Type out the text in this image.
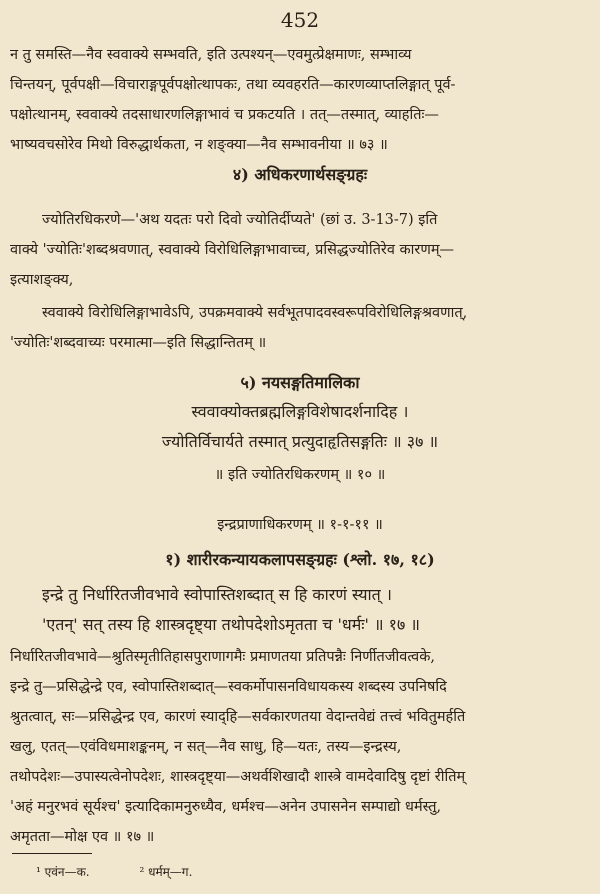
452
न तु समस्ति—नैव स्ववाक्ये सम्भवति, इति उत्पश्यन्—एवमुत्प्रेक्षमाणः, सम्भाव्य
चिन्तयन्, पूर्वपक्षी—विचाराङ्गपूर्वपक्षोत्थापकः, तथा व्यवहरति—कारणव्याप्तलिङ्गात् पूर्व-
पक्षोत्थानम्, स्ववाक्ये तदसाधारणलिङ्गाभावं च प्रकटयति । तत्—तस्मात्, व्याहतिः—
भाष्यवचसोरेव मिथो विरुद्धार्थकता, न शङ्क्या—नैव सम्भावनीया ॥ ७३ ॥
४) अधिकरणार्थसङ्ग्रहः
ज्योतिरधिकरणे—'अथ यदतः परो दिवो ज्योतिर्दीप्यते' (छां उ. 3-13-7) इति
वाक्ये 'ज्योतिः'शब्दश्रवणात्, स्ववाक्ये विरोधिलिङ्गाभावाच्च, प्रसिद्धज्योतिरेव कारणम्—
इत्याशङ्क्य,
स्ववाक्ये विरोधिलिङ्गाभावेऽपि, उपक्रमवाक्ये सर्वभूतपादवस्वरूपविरोधिलिङ्गश्रवणात्,
'ज्योतिः'शब्दवाच्यः परमात्मा—इति सिद्धान्तितम् ॥
५) नयसङ्गतिमालिका
स्ववाक्योक्तब्रह्मलिङ्गविशेषादर्शनादिह ।
ज्योतिर्विचार्यते तस्मात् प्रत्युदाहृतिसङ्गतिः ॥ ३७ ॥
॥ इति ज्योतिरधिकरणम् ॥ १० ॥
इन्द्रप्राणाधिकरणम् ॥ १-१-११ ॥
१) शारीरकन्यायकलापसङ्ग्रहः (श्लो. १७, १८)
इन्द्रे तु निर्धारितजीवभावे स्वोपास्तिशब्दात् स हि कारणं स्यात् ।
'एतन्' सत् तस्य हि शास्त्रदृष्ट्या तथोपदेशोऽमृतता च 'धर्मः' ॥ १७ ॥
निर्धारितजीवभावे—श्रुतिस्मृतीतिहासपुराणागमैः प्रमाणतया प्रतिपन्नैः निर्णीतजीवत्वके,
इन्द्रे तु—प्रसिद्धेन्द्रे एव, स्वोपास्तिशब्दात्—स्वकर्मोपासनविधायकस्य शब्दस्य उपनिषदि
श्रुतत्वात्, सः—प्रसिद्धेन्द्र एव, कारणं स्याद्हि—सर्वकारणतया वेदान्तवेद्यं तत्त्वं भवितुमर्हति
खलु, एतत्—एवंविधमाशङ्कनम्, न सत्—नैव साधु, हि—यतः, तस्य—इन्द्रस्य,
तथोपदेशः—उपास्यत्वेनोपदेशः, शास्त्रदृष्ट्या—अथर्वशिखादौ शास्त्रे वामदेवादिषु दृष्टां रीतिम्
'अहं मनुरभवं सूर्यश्च' इत्यादिकामनुरुध्यैव, धर्मश्च—अनेन उपासनेन सम्पाद्यो धर्मस्तु,
अमृतता—मोक्ष एव ॥ १७ ॥
¹ एवंन—क.	² धर्मम्—ग.
